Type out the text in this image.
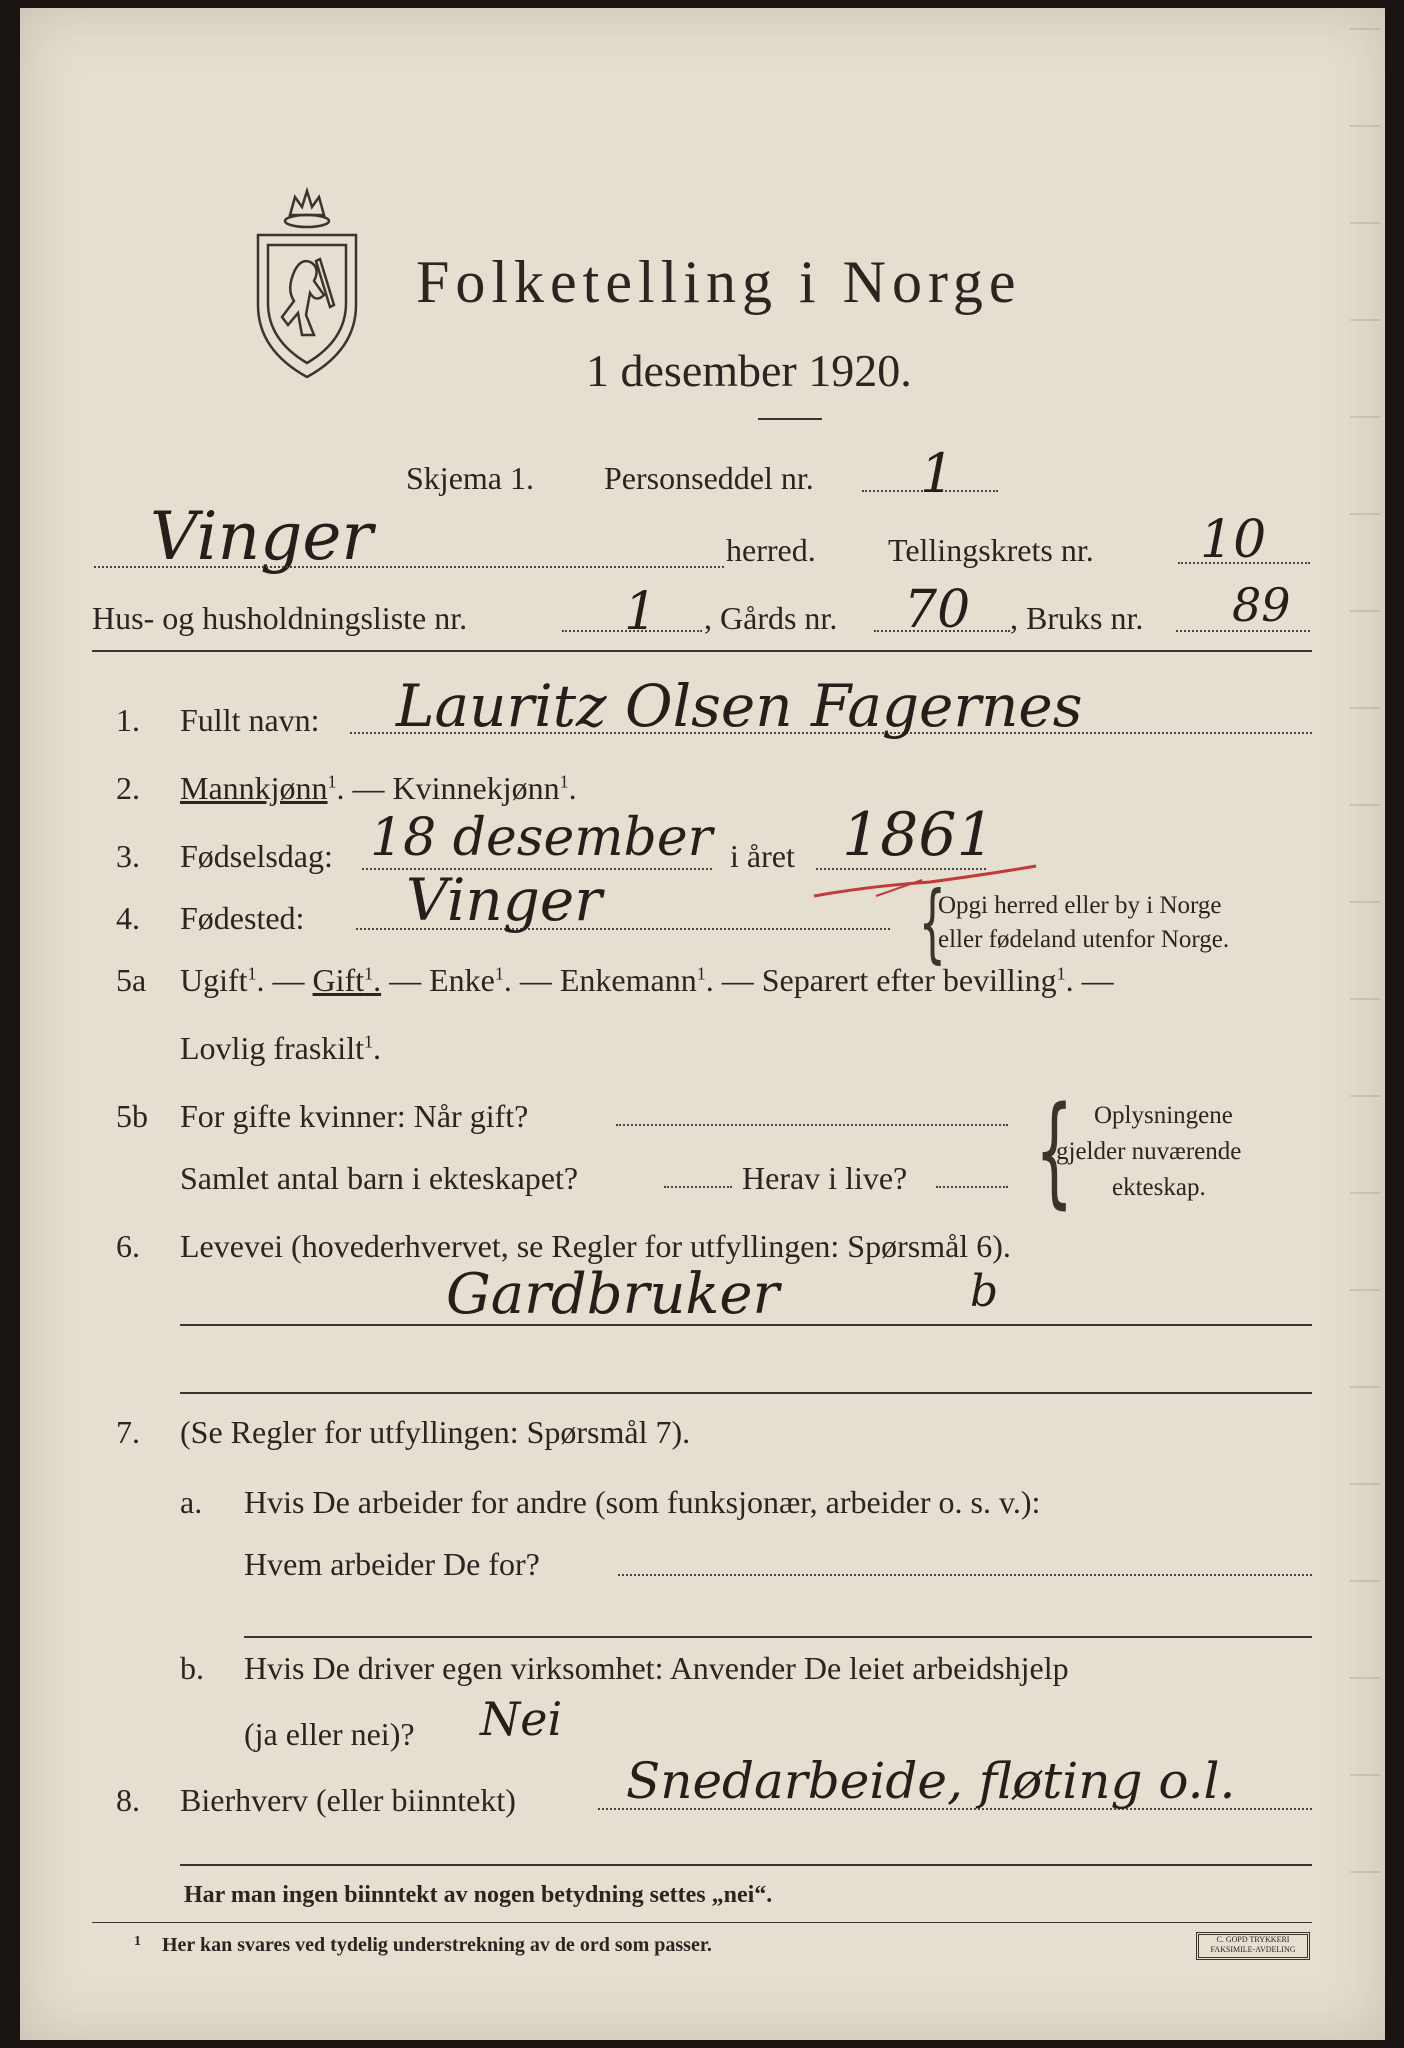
Folketelling i Norge
1 desember 1920.
Skjema 1. Personseddel nr. 1
Vinger	herred. Tellingskrets nr. 10
Hus- og husholdningsliste nr.	1 , Gårds nr. 70 , Bruks nr. 89
1. Fullt navn: Lauritz Olsen Fagernes
2. Mannkjønn$^1$. — Kvinnekjønn$^1$.
3. Fødselsdag: 18 desember i året 1861
4. Fødested: Vinger	{
Opgi herred eller by i Norge
eller fødeland utenfor Norge.
5a Ugift$^1$. — Gift$^1$. — Enke$^1$. — Enkemann$^1$. — Separert efter bevilling$^1$. —
Lovlig fraskilt$^1$.
5b For gifte kvinner: Når gift?
Samlet antal barn i ekteskapet?	Herav i live? { Oplysningene
gjelder nuværende
ekteskap.
6. Levevei (hovederhvervet, se Regler for utfyllingen: Spørsmål 6).
Gardbruker	b
7. (Se Regler for utfyllingen: Spørsmål 7).
a. Hvis De arbeider for andre (som funksjonær, arbeider o. s. v.):
Hvem arbeider De for?
b. Hvis De driver egen virksomhet: Anvender De leiet arbeidshjelp
(ja eller nei)? Nei
8. Bierhverv (eller biinntekt) Snedarbeide, fløting o.l.
Har man ingen biinntekt av nogen betydning settes „nei“.
1 Her kan svares ved tydelig understrekning av de ord som passer.	C. GOPD TRYKKERI
FAKSIMILE-AVDELING
